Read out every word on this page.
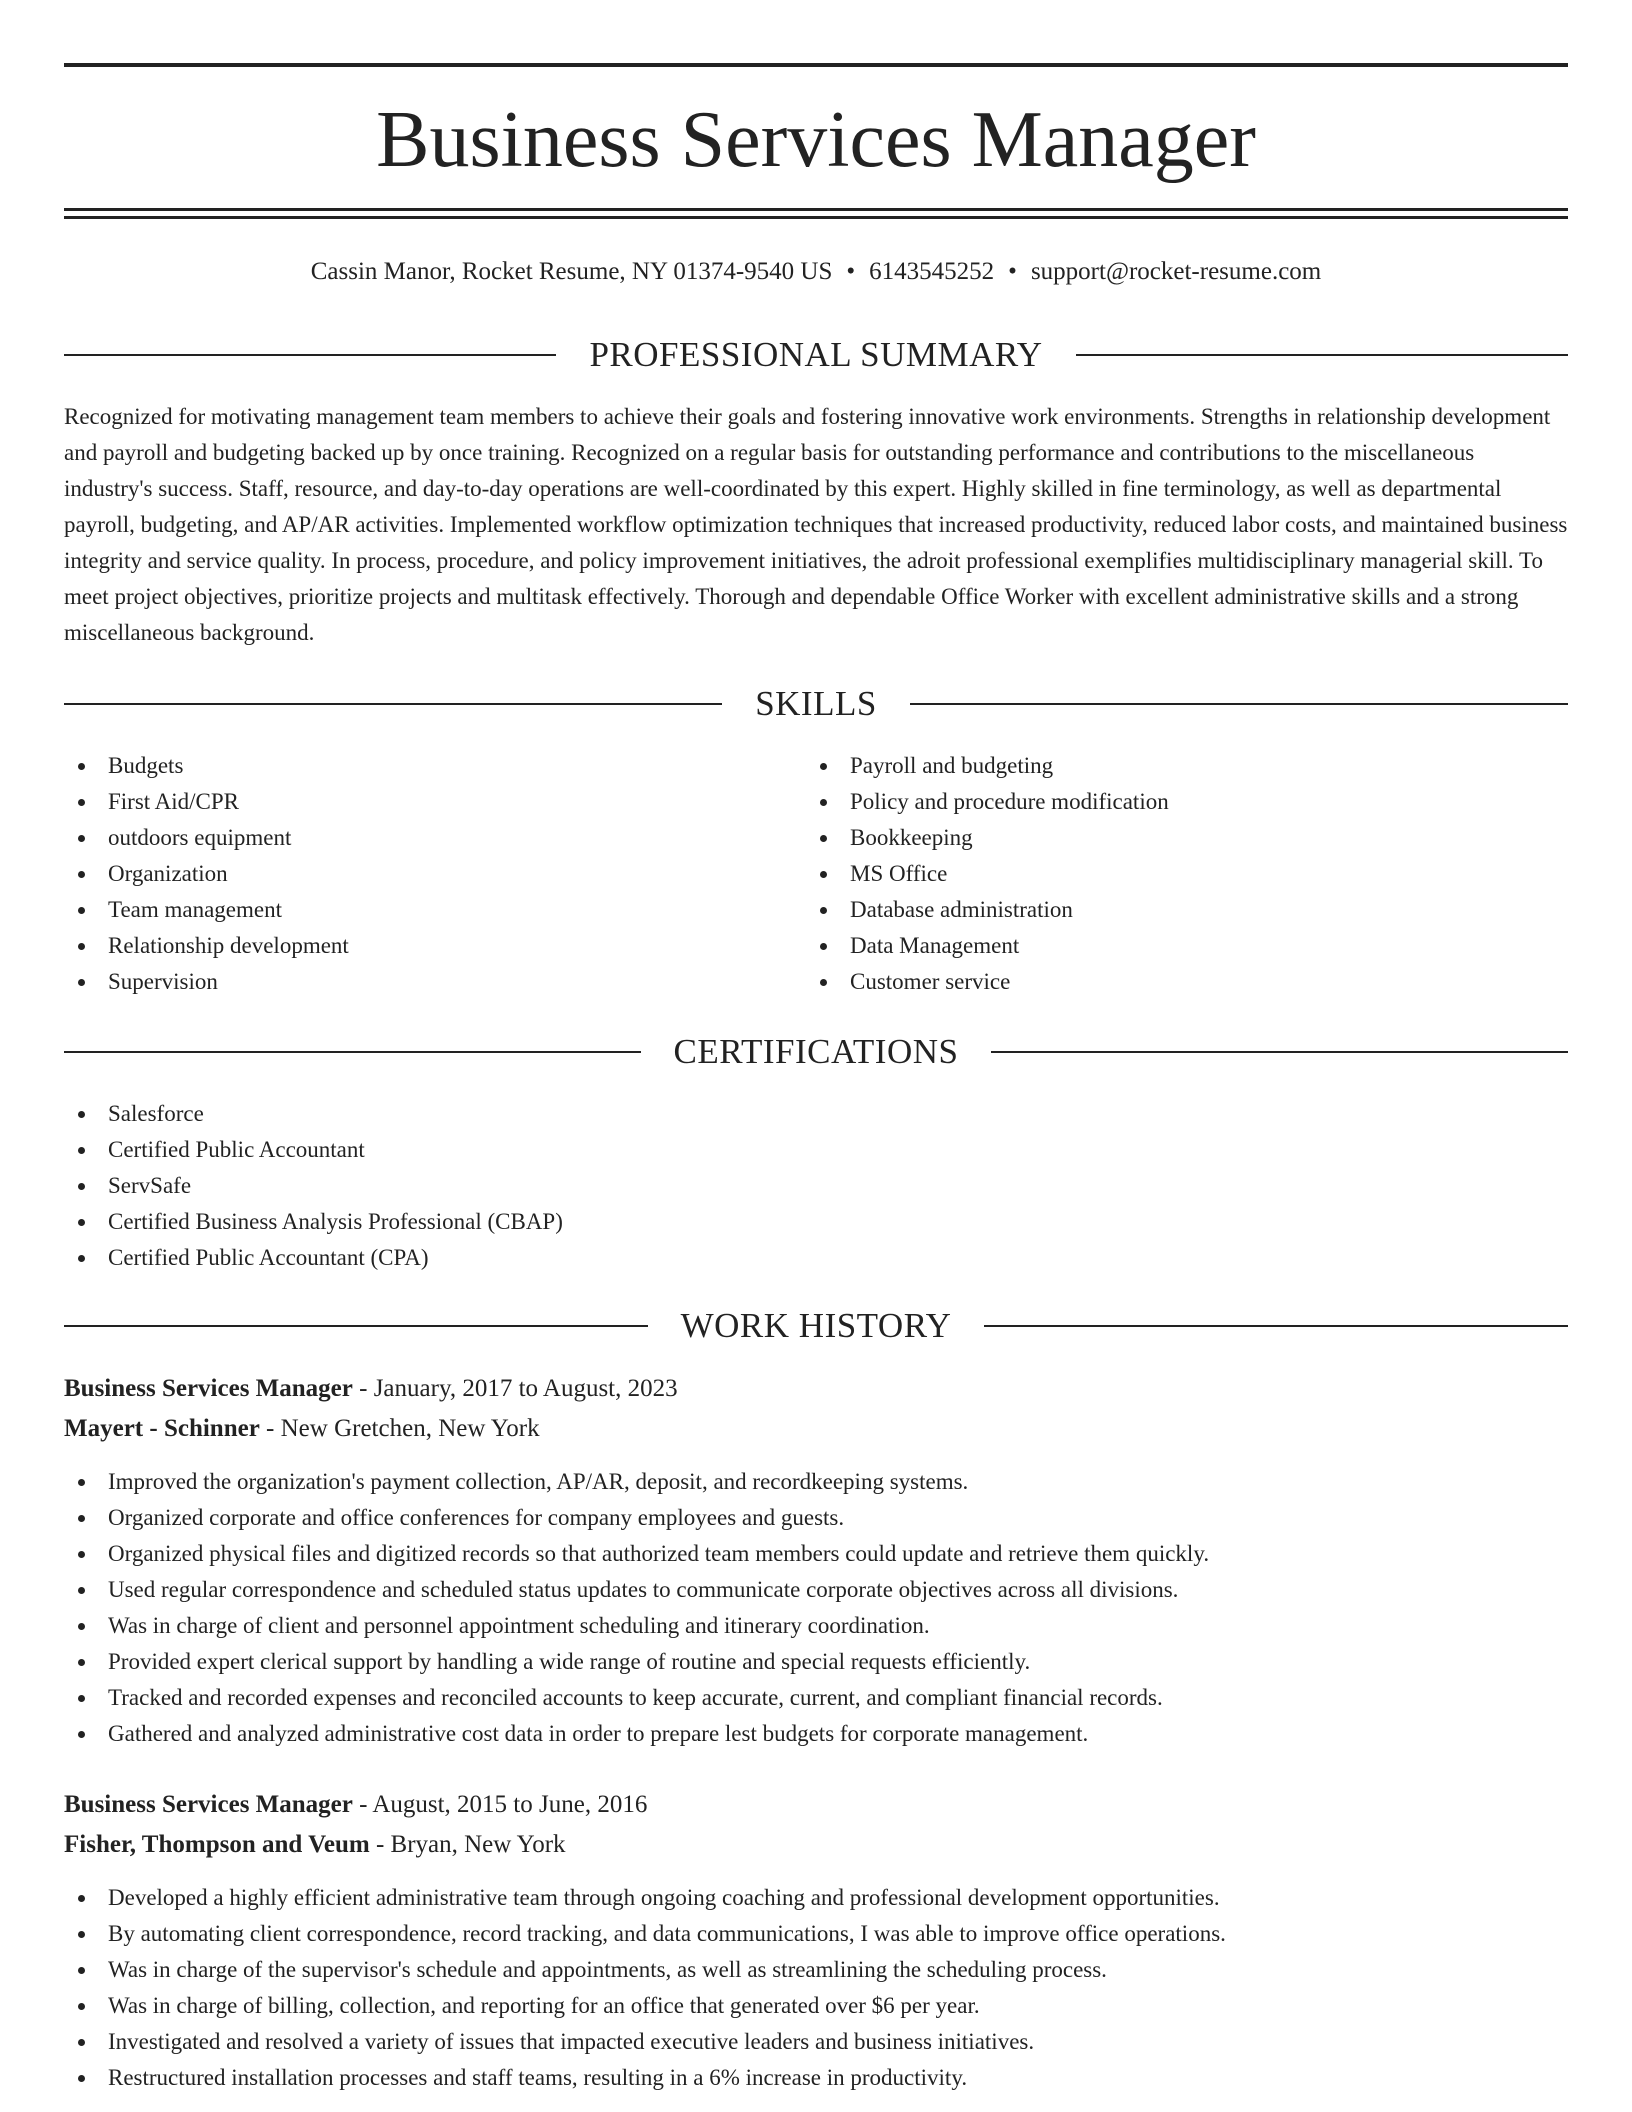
Business Services Manager
Cassin Manor, Rocket Resume, NY 01374-9540 US • 6143545252 • support@rocket-resume.com
PROFESSIONAL SUMMARY

Recognized for motivating management team members to achieve their goals and fostering innovative work environments. Strengths in relationship development and payroll and budgeting backed up by once training. Recognized on a regular basis for outstanding performance and contributions to the miscellaneous industry's success. Staff, resource, and day-to-day operations are well-coordinated by this expert. Highly skilled in fine terminology, as well as departmental payroll, budgeting, and AP/AR activities. Implemented workflow optimization techniques that increased productivity, reduced labor costs, and maintained business integrity and service quality. In process, procedure, and policy improvement initiatives, the adroit professional exemplifies multidisciplinary managerial skill. To meet project objectives, prioritize projects and multitask effectively. Thorough and dependable Office Worker with excellent administrative skills and a strong miscellaneous background.

SKILLS
Budgets
First Aid/CPR
outdoors equipment
Organization
Team management
Relationship development
Supervision
Payroll and budgeting
Policy and procedure modification
Bookkeeping
MS Office
Database administration
Data Management
Customer service
CERTIFICATIONS
Salesforce
Certified Public Accountant
ServSafe
Certified Business Analysis Professional (CBAP)
Certified Public Accountant (CPA)
WORK HISTORY
Business Services Manager - January, 2017 to August, 2023
Mayert - Schinner - New Gretchen, New York
Improved the organization's payment collection, AP/AR, deposit, and recordkeeping systems.
Organized corporate and office conferences for company employees and guests.
Organized physical files and digitized records so that authorized team members could update and retrieve them quickly.
Used regular correspondence and scheduled status updates to communicate corporate objectives across all divisions.
Was in charge of client and personnel appointment scheduling and itinerary coordination.
Provided expert clerical support by handling a wide range of routine and special requests efficiently.
Tracked and recorded expenses and reconciled accounts to keep accurate, current, and compliant financial records.
Gathered and analyzed administrative cost data in order to prepare lest budgets for corporate management.
Business Services Manager - August, 2015 to June, 2016
Fisher, Thompson and Veum - Bryan, New York
Developed a highly efficient administrative team through ongoing coaching and professional development opportunities.
By automating client correspondence, record tracking, and data communications, I was able to improve office operations.
Was in charge of the supervisor's schedule and appointments, as well as streamlining the scheduling process.
Was in charge of billing, collection, and reporting for an office that generated over $6 per year.
Investigated and resolved a variety of issues that impacted executive leaders and business initiatives.
Restructured installation processes and staff teams, resulting in a 6% increase in productivity.
